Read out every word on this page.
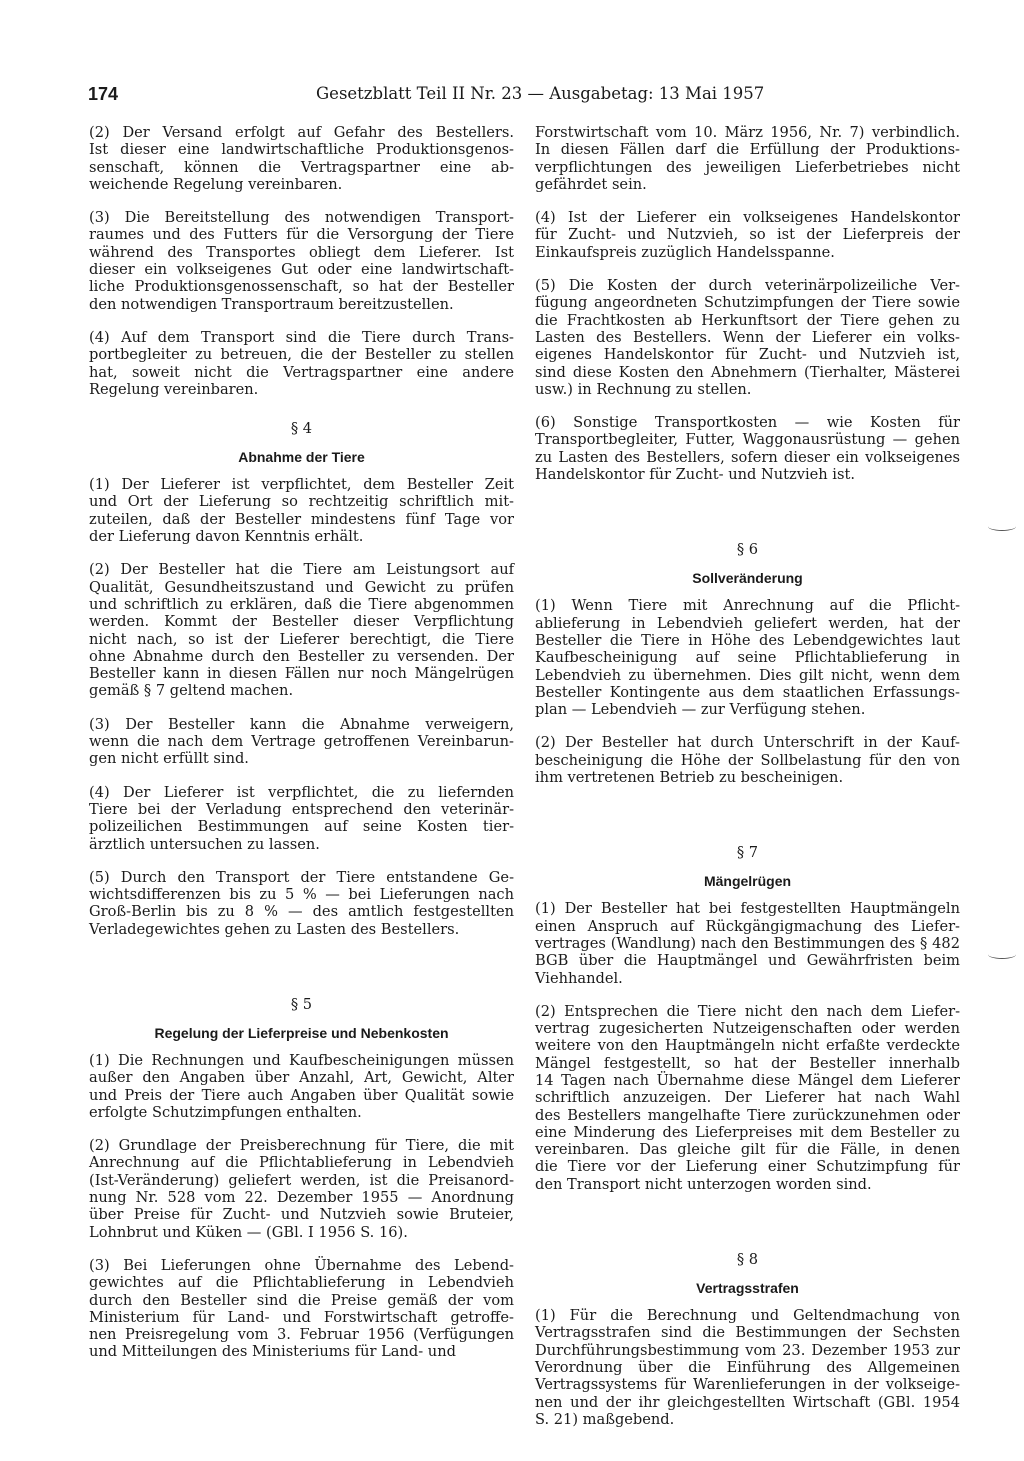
174	Gesetzblatt Teil II Nr. 23 — Ausgabetag: 13 Mai 1957
(2) Der Versand erfolgt auf Gefahr des Bestellers.
Ist dieser eine landwirtschaftliche Produktionsgenos-
senschaft, können die Vertragspartner eine ab-
weichende Regelung vereinbaren.
(3) Die Bereitstellung des notwendigen Transport-
raumes und des Futters für die Versorgung der Tiere
während des Transportes obliegt dem Lieferer. Ist
dieser ein volkseigenes Gut oder eine landwirtschaft-
liche Produktionsgenossenschaft, so hat der Besteller
den notwendigen Transportraum bereitzustellen.
(4) Auf dem Transport sind die Tiere durch Trans-
portbegleiter zu betreuen, die der Besteller zu stellen
hat, soweit nicht die Vertragspartner eine andere
Regelung vereinbaren.
§ 4
Abnahme der Tiere
(1) Der Lieferer ist verpflichtet, dem Besteller Zeit
und Ort der Lieferung so rechtzeitig schriftlich mit-
zuteilen, daß der Besteller mindestens fünf Tage vor
der Lieferung davon Kenntnis erhält.
(2) Der Besteller hat die Tiere am Leistungsort auf
Qualität, Gesundheitszustand und Gewicht zu prüfen
und schriftlich zu erklären, daß die Tiere abgenommen
werden. Kommt der Besteller dieser Verpflichtung
nicht nach, so ist der Lieferer berechtigt, die Tiere
ohne Abnahme durch den Besteller zu versenden. Der
Besteller kann in diesen Fällen nur noch Mängelrügen
gemäß § 7 geltend machen.
(3) Der Besteller kann die Abnahme verweigern,
wenn die nach dem Vertrage getroffenen Vereinbarun-
gen nicht erfüllt sind.
(4) Der Lieferer ist verpflichtet, die zu liefernden
Tiere bei der Verladung entsprechend den veterinär-
polizeilichen Bestimmungen auf seine Kosten tier-
ärztlich untersuchen zu lassen.
(5) Durch den Transport der Tiere entstandene Ge-
wichtsdifferenzen bis zu 5 % — bei Lieferungen nach
Groß-Berlin bis zu 8 % — des amtlich festgestellten
Verladegewichtes gehen zu Lasten des Bestellers.
§ 5
Regelung der Lieferpreise und Nebenkosten
(1) Die Rechnungen und Kaufbescheinigungen müssen
außer den Angaben über Anzahl, Art, Gewicht, Alter
und Preis der Tiere auch Angaben über Qualität sowie
erfolgte Schutzimpfungen enthalten.
(2) Grundlage der Preisberechnung für Tiere, die mit
Anrechnung auf die Pflichtablieferung in Lebendvieh
(Ist-Veränderung) geliefert werden, ist die Preisanord-
nung Nr. 528 vom 22. Dezember 1955 — Anordnung
über Preise für Zucht- und Nutzvieh sowie Bruteier,
Lohnbrut und Küken — (GBl. I 1956 S. 16).
(3) Bei Lieferungen ohne Übernahme des Lebend-
gewichtes auf die Pflichtablieferung in Lebendvieh
durch den Besteller sind die Preise gemäß der vom
Ministerium für Land- und Forstwirtschaft getroffe-
nen Preisregelung vom 3. Februar 1956 (Verfügungen
und Mitteilungen des Ministeriums für Land- und
Forstwirtschaft vom 10. März 1956, Nr. 7) verbindlich.
In diesen Fällen darf die Erfüllung der Produktions-
verpflichtungen des jeweiligen Lieferbetriebes nicht
gefährdet sein.
(4) Ist der Lieferer ein volkseigenes Handelskontor
für Zucht- und Nutzvieh, so ist der Lieferpreis der
Einkaufspreis zuzüglich Handelsspanne.
(5) Die Kosten der durch veterinärpolizeiliche Ver-
fügung angeordneten Schutzimpfungen der Tiere sowie
die Frachtkosten ab Herkunftsort der Tiere gehen zu
Lasten des Bestellers. Wenn der Lieferer ein volks-
eigenes Handelskontor für Zucht- und Nutzvieh ist,
sind diese Kosten den Abnehmern (Tierhalter, Mästerei
usw.) in Rechnung zu stellen.
(6) Sonstige Transportkosten — wie Kosten für
Transportbegleiter, Futter, Waggonausrüstung — gehen
zu Lasten des Bestellers, sofern dieser ein volkseigenes
Handelskontor für Zucht- und Nutzvieh ist.
§ 6
Sollveränderung
(1) Wenn Tiere mit Anrechnung auf die Pflicht-
ablieferung in Lebendvieh geliefert werden, hat der
Besteller die Tiere in Höhe des Lebendgewichtes laut
Kaufbescheinigung auf seine Pflichtablieferung in
Lebendvieh zu übernehmen. Dies gilt nicht, wenn dem
Besteller Kontingente aus dem staatlichen Erfassungs-
plan — Lebendvieh — zur Verfügung stehen.
(2) Der Besteller hat durch Unterschrift in der Kauf-
bescheinigung die Höhe der Sollbelastung für den von
ihm vertretenen Betrieb zu bescheinigen.
§ 7
Mängelrügen
(1) Der Besteller hat bei festgestellten Hauptmängeln
einen Anspruch auf Rückgängigmachung des Liefer-
vertrages (Wandlung) nach den Bestimmungen des § 482
BGB über die Hauptmängel und Gewährfristen beim
Viehhandel.
(2) Entsprechen die Tiere nicht den nach dem Liefer-
vertrag zugesicherten Nutzeigenschaften oder werden
weitere von den Hauptmängeln nicht erfaßte verdeckte
Mängel festgestellt, so hat der Besteller innerhalb
14 Tagen nach Übernahme diese Mängel dem Lieferer
schriftlich anzuzeigen. Der Lieferer hat nach Wahl
des Bestellers mangelhafte Tiere zurückzunehmen oder
eine Minderung des Lieferpreises mit dem Besteller zu
vereinbaren. Das gleiche gilt für die Fälle, in denen
die Tiere vor der Lieferung einer Schutzimpfung für
den Transport nicht unterzogen worden sind.
§ 8
Vertragsstrafen
(1) Für die Berechnung und Geltendmachung von
Vertragsstrafen sind die Bestimmungen der Sechsten
Durchführungsbestimmung vom 23. Dezember 1953 zur
Verordnung über die Einführung des Allgemeinen
Vertragssystems für Warenlieferungen in der volkseige-
nen und der ihr gleichgestellten Wirtschaft (GBl. 1954
S. 21) maßgebend.
